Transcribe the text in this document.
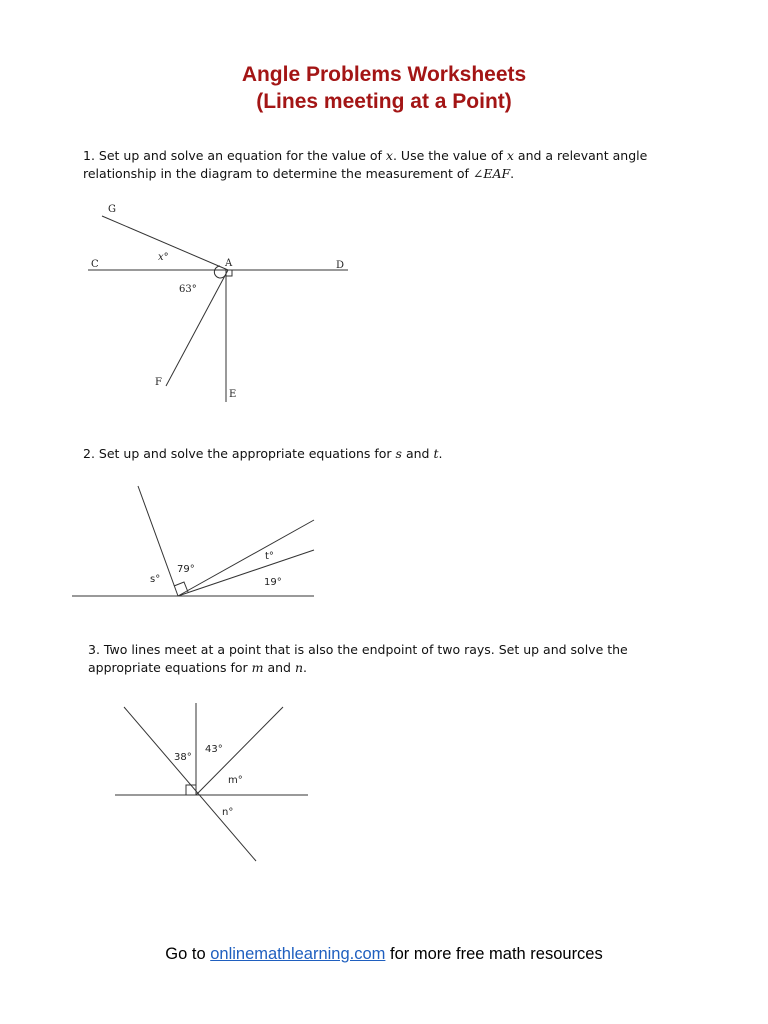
Angle Problems Worksheets
(Lines meeting at a Point)
1. Set up and solve an equation for the value of x. Use the value of x and a relevant angle relationship in the diagram to determine the measurement of ∠EAF.
G
C	A	D
F
E
x°
63°
2. Set up and solve the appropriate equations for s and t.
s°
79°
t°
19°
3. Two lines meet at a point that is also the endpoint of two rays. Set up and solve the appropriate equations for m and n.
38°
43°
m°
n°
Go to onlinemathlearning.com for more free math resources
